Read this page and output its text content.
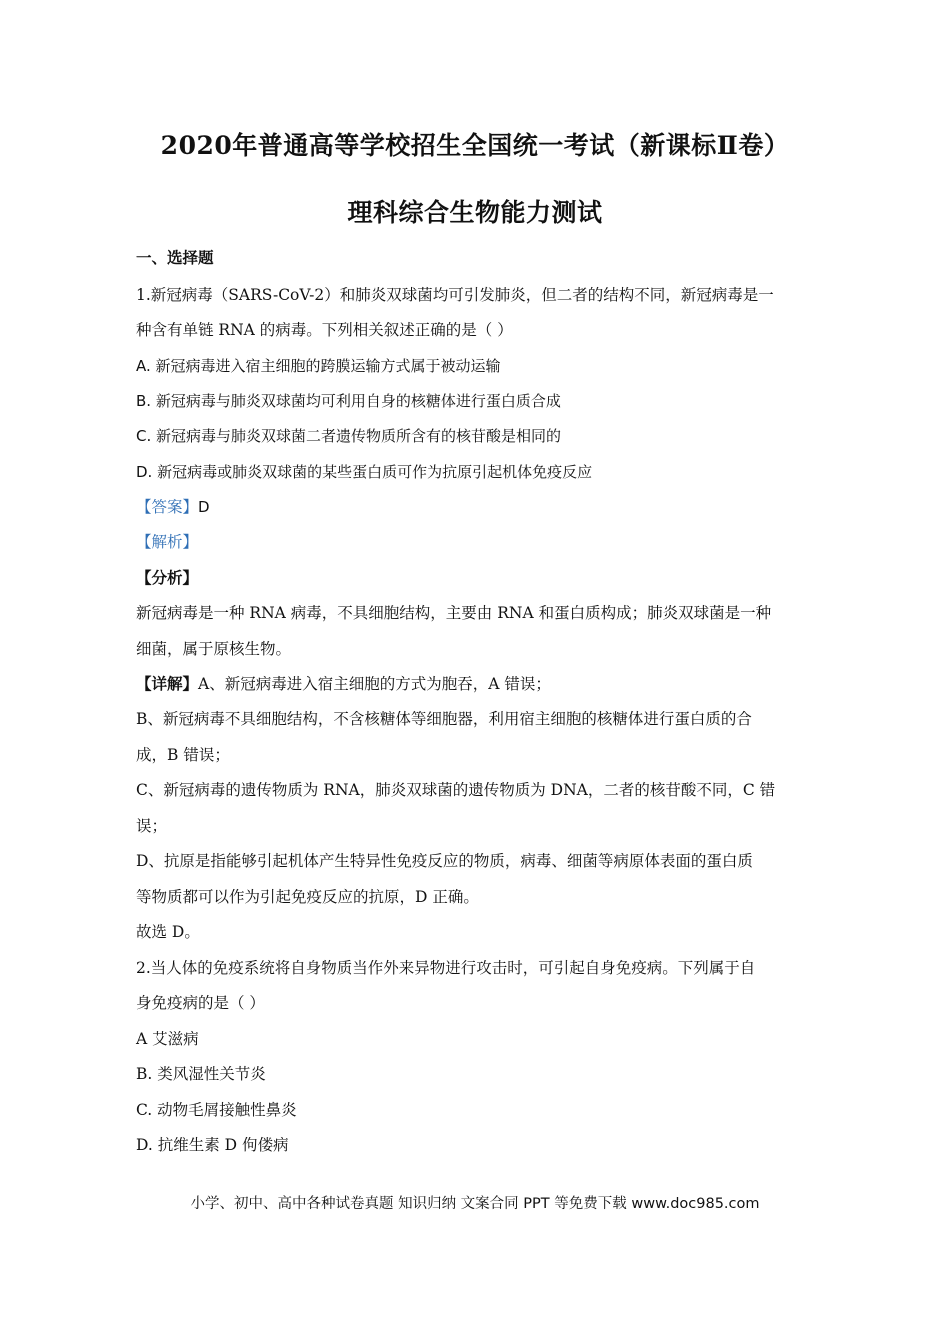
2020年普通高等学校招生全国统一考试（新课标Ⅱ卷）
理科综合生物能力测试
一、选择题
1.新冠病毒（SARS-CoV-2）和肺炎双球菌均可引发肺炎，但二者的结构不同，新冠病毒是一
种含有单链 RNA 的病毒。下列相关叙述正确的是（ ）
A. 新冠病毒进入宿主细胞的跨膜运输方式属于被动运输
B. 新冠病毒与肺炎双球菌均可利用自身的核糖体进行蛋白质合成
C. 新冠病毒与肺炎双球菌二者遗传物质所含有的核苷酸是相同的
D. 新冠病毒或肺炎双球菌的某些蛋白质可作为抗原引起机体免疫反应
【答案】D
【解析】
【分析】
新冠病毒是一种 RNA 病毒，不具细胞结构，主要由 RNA 和蛋白质构成；肺炎双球菌是一种
细菌，属于原核生物。
【详解】A、新冠病毒进入宿主细胞的方式为胞吞，A 错误；
B、新冠病毒不具细胞结构，不含核糖体等细胞器，利用宿主细胞的核糖体进行蛋白质的合
成，B 错误；
C、新冠病毒的遗传物质为 RNA，肺炎双球菌的遗传物质为 DNA，二者的核苷酸不同，C 错
误；
D、抗原是指能够引起机体产生特异性免疫反应的物质，病毒、细菌等病原体表面的蛋白质
等物质都可以作为引起免疫反应的抗原，D 正确。
故选 D。
2.当人体的免疫系统将自身物质当作外来异物进行攻击时，可引起自身免疫病。下列属于自
身免疫病的是（ ）
A 艾滋病
B. 类风湿性关节炎
C. 动物毛屑接触性鼻炎
D. 抗维生素 D 佝偻病
小学、初中、高中各种试卷真题 知识归纳 文案合同 PPT 等免费下载 www.doc985.com
